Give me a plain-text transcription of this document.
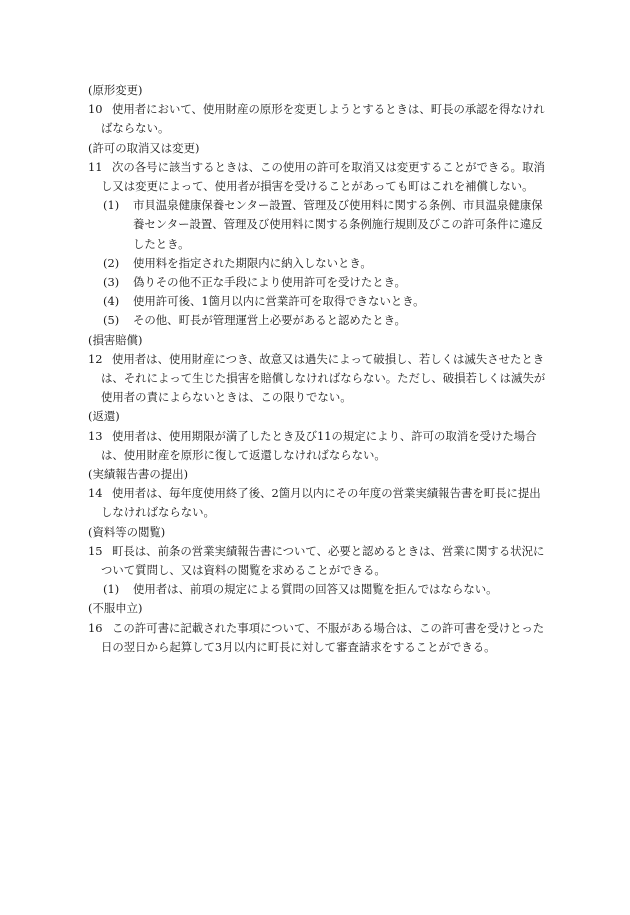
(原形変更)

10 使用者において、使用財産の原形を変更しようとするときは、町長の承認を得なければならない。

(許可の取消又は変更)

11 次の各号に該当するときは、この使用の許可を取消又は変更することができる。取消し又は変更によって、使用者が損害を受けることがあっても町はこれを補償しない。

(1) 市貝温泉健康保養センター設置、管理及び使用料に関する条例、市貝温泉健康保養センター設置、管理及び使用料に関する条例施行規則及びこの許可条件に違反したとき。

(2) 使用料を指定された期限内に納入しないとき。

(3) 偽りその他不正な手段により使用許可を受けたとき。

(4) 使用許可後、1箇月以内に営業許可を取得できないとき。

(5) その他、町長が管理運営上必要があると認めたとき。

(損害賠償)

12 使用者は、使用財産につき、故意又は過失によって破損し、若しくは滅失させたときは、それによって生じた損害を賠償しなければならない。ただし、破損若しくは滅失が使用者の責によらないときは、この限りでない。

(返還)

13 使用者は、使用期限が満了したとき及び11の規定により、許可の取消を受けた場合は、使用財産を原形に復して返還しなければならない。

(実績報告書の提出)

14 使用者は、毎年度使用終了後、2箇月以内にその年度の営業実績報告書を町長に提出しなければならない。

(資料等の閲覧)

15 町長は、前条の営業実績報告書について、必要と認めるときは、営業に関する状況について質問し、又は資料の閲覧を求めることができる。

(1) 使用者は、前項の規定による質問の回答又は閲覧を拒んではならない。

(不服申立)

16 この許可書に記載された事項について、不服がある場合は、この許可書を受けとった日の翌日から起算して3月以内に町長に対して審査請求をすることができる。
